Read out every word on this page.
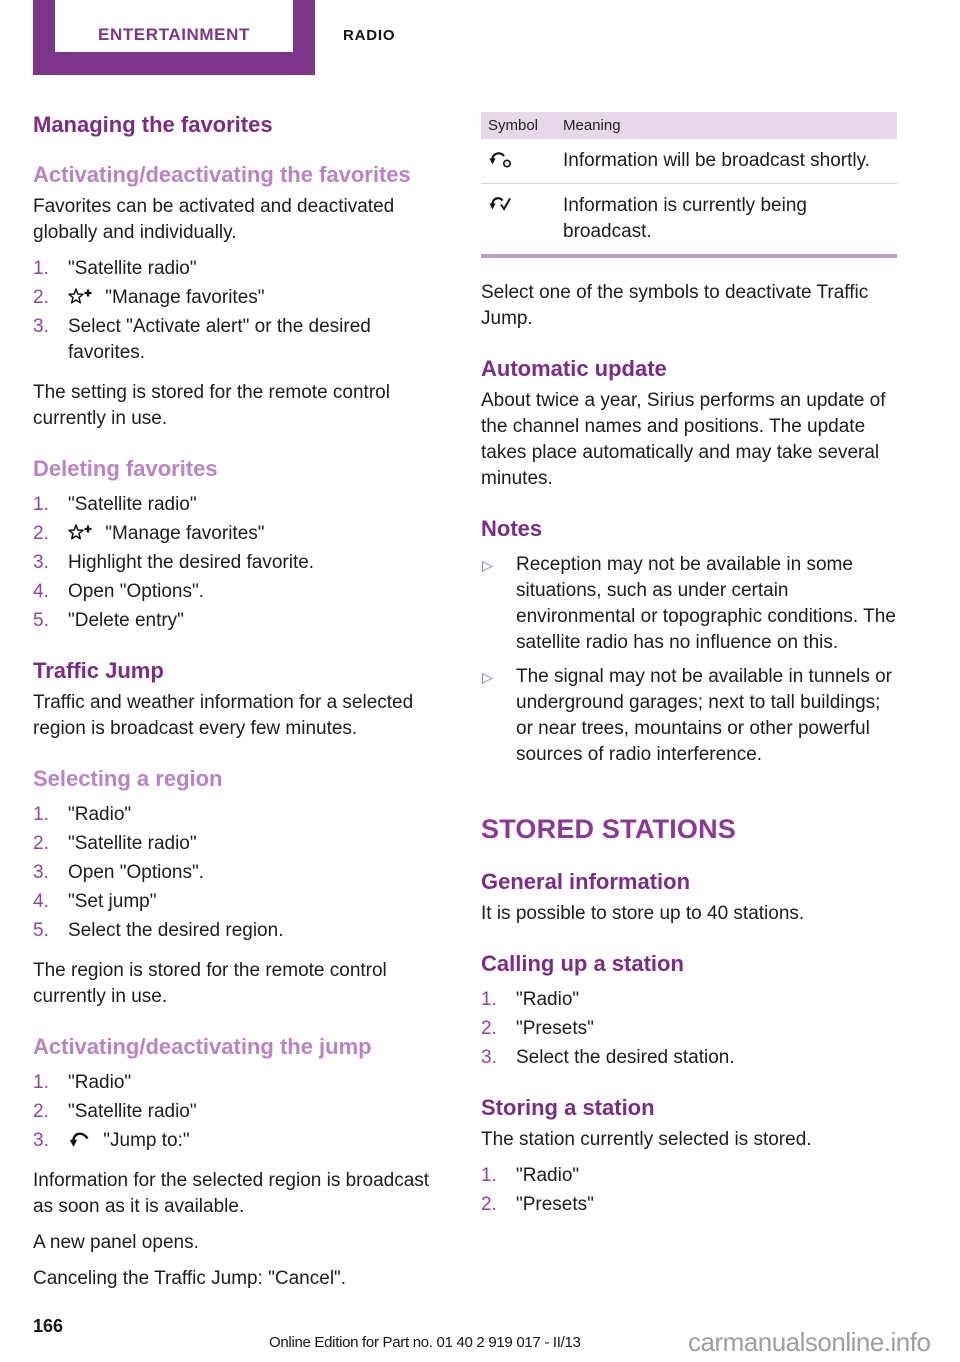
ENTERTAINMENT	RADIO
Managing the favorites
Activating/deactivating the favorites

Favorites can be activated and deactivated globally and individually.

"Satellite radio"
"Manage favorites"
Select "Activate alert" or the desired favorites.

The setting is stored for the remote control currently in use.

Deleting favorites
"Satellite radio"
"Manage favorites"
Highlight the desired favorite.
Open "Options".
"Delete entry"
Traffic Jump

Traffic and weather information for a selected region is broadcast every few minutes.

Selecting a region
"Radio"
"Satellite radio"
Open "Options".
"Set jump"
Select the desired region.

The region is stored for the remote control currently in use.

Activating/deactivating the jump
"Radio"
"Satellite radio"
"Jump to:"

Information for the selected region is broadcast as soon as it is available.

A new panel opens.

Canceling the Traffic Jump: "Cancel".

Symbol	Meaning

	Information will be broadcast shortly.

	Information is currently being broadcast.

Select one of the symbols to deactivate Traffic Jump.

Automatic update

About twice a year, Sirius performs an update of the channel names and positions. The update takes place automatically and may take several minutes.

Notes
▷ Reception may not be available in some situations, such as under certain environmental or topographic conditions. The satellite radio has no influence on this.
▷ The signal may not be available in tunnels or underground garages; next to tall buildings; or near trees, mountains or other powerful sources of radio interference.
STORED STATIONS
General information

It is possible to store up to 40 stations.

Calling up a station
"Radio"
"Presets"
Select the desired station.
Storing a station

The station currently selected is stored.

"Radio"
"Presets"
166
Online Edition for Part no. 01 40 2 919 017 - II/13	carmanualsonline.info
